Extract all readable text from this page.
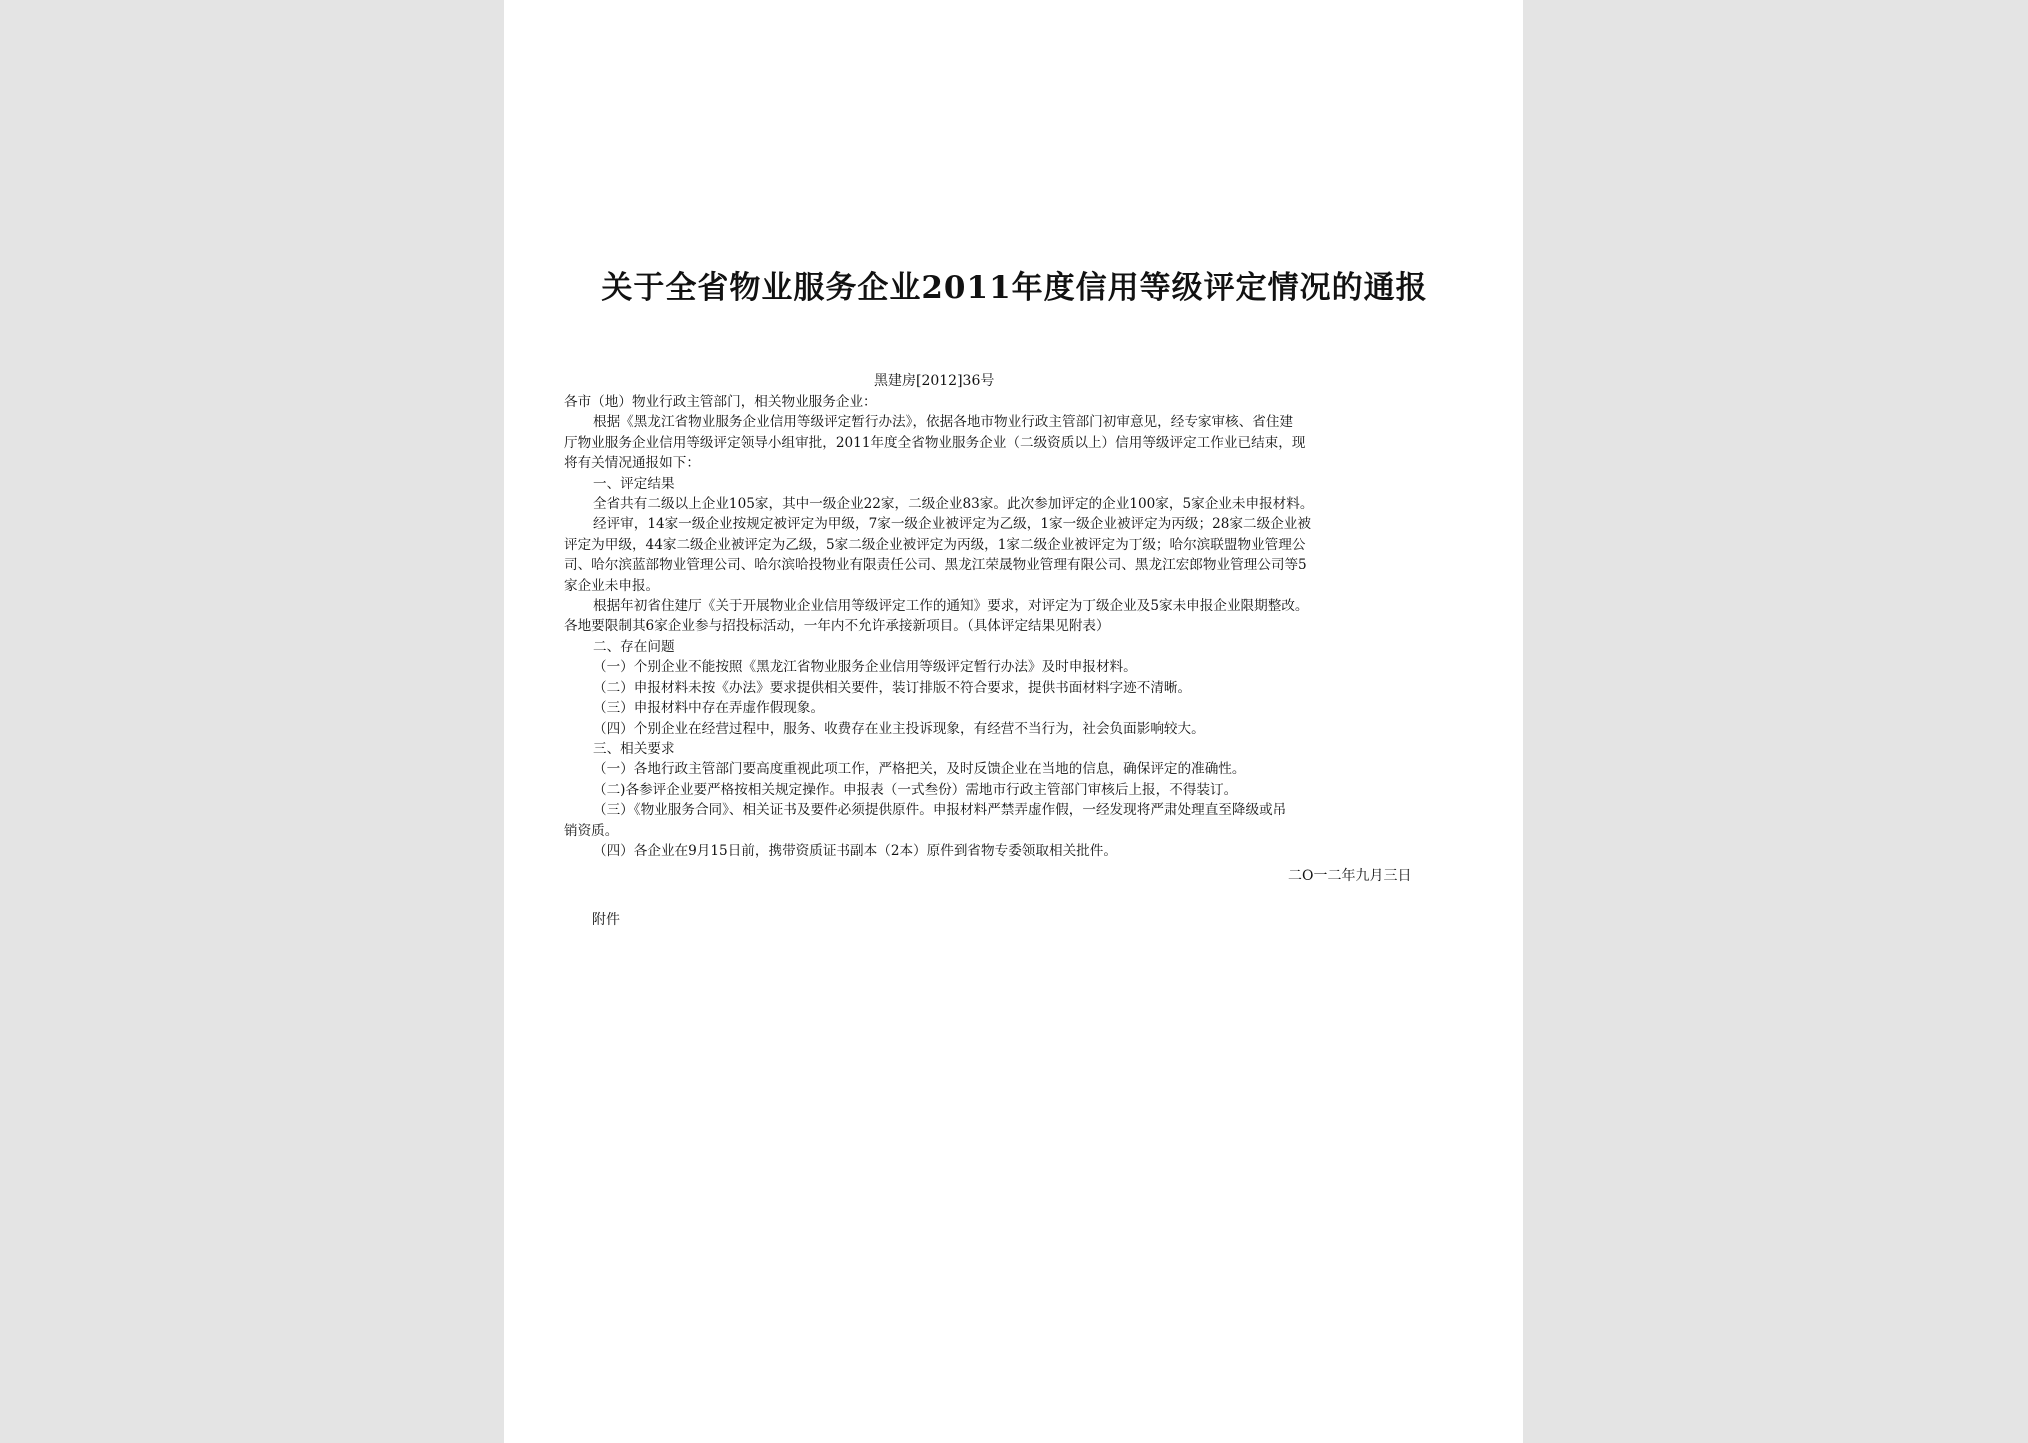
关于全省物业服务企业2011年度信用等级评定情况的通报
黑建房[2012]36号

各市（地）物业行政主管部门，相关物业服务企业：

根据《黑龙江省物业服务企业信用等级评定暂行办法》，依据各地市物业行政主管部门初审意见，经专家审核、省住建

厅物业服务企业信用等级评定领导小组审批，2011年度全省物业服务企业（二级资质以上）信用等级评定工作业已结束，现

将有关情况通报如下：

一、评定结果

全省共有二级以上企业105家，其中一级企业22家，二级企业83家。此次参加评定的企业100家，5家企业未申报材料。

经评审，14家一级企业按规定被评定为甲级，7家一级企业被评定为乙级，1家一级企业被评定为丙级；28家二级企业被

评定为甲级，44家二级企业被评定为乙级，5家二级企业被评定为丙级，1家二级企业被评定为丁级；哈尔滨联盟物业管理公

司、哈尔滨蓝部物业管理公司、哈尔滨哈投物业有限责任公司、黑龙江荣晟物业管理有限公司、黑龙江宏郎物业管理公司等5

家企业未申报。

根据年初省住建厅《关于开展物业企业信用等级评定工作的通知》要求，对评定为丁级企业及5家未申报企业限期整改。

各地要限制其6家企业参与招投标活动，一年内不允许承接新项目。（具体评定结果见附表）

二、存在问题

（一）个别企业不能按照《黑龙江省物业服务企业信用等级评定暂行办法》及时申报材料。

（二）申报材料未按《办法》要求提供相关要件，装订排版不符合要求，提供书面材料字迹不清晰。

（三）申报材料中存在弄虚作假现象。

（四）个别企业在经营过程中，服务、收费存在业主投诉现象，有经营不当行为，社会负面影响较大。

三、相关要求

（一）各地行政主管部门要高度重视此项工作，严格把关，及时反馈企业在当地的信息，确保评定的准确性。

（二)各参评企业要严格按相关规定操作。申报表（一式叁份）需地市行政主管部门审核后上报，不得装订。

（三）《物业服务合同》、相关证书及要件必须提供原件。申报材料严禁弄虚作假，一经发现将严肃处理直至降级或吊

销资质。

（四）各企业在9月15日前，携带资质证书副本（2本）原件到省物专委领取相关批件。

二O一二年九月三日
附件
